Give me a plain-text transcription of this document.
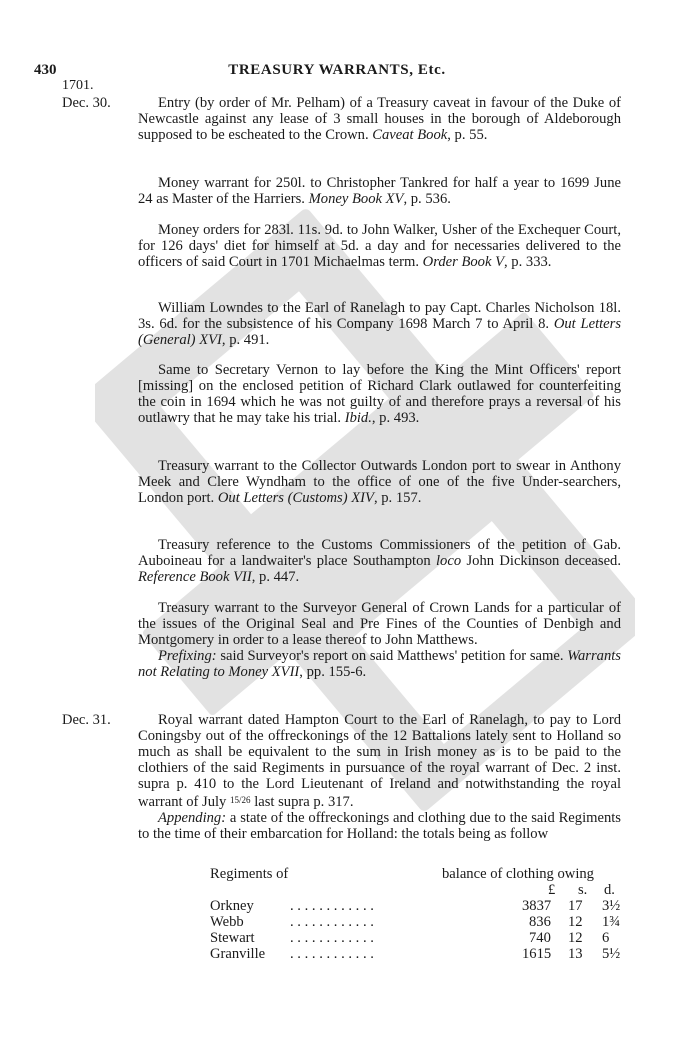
430	TREASURY WARRANTS, Etc.
1701.
Dec. 30.	Entry (by order of Mr. Pelham) of a Treasury caveat in favour of the Duke of Newcastle against any lease of 3 small houses in the borough of Aldeborough supposed to be escheated to the Crown. Caveat Book, p. 55.
Money warrant for 250l. to Christopher Tankred for half a year to 1699 June 24 as Master of the Harriers. Money Book XV, p. 536.
Money orders for 283l. 11s. 9d. to John Walker, Usher of the Exchequer Court, for 126 days' diet for himself at 5d. a day and for necessaries delivered to the officers of said Court in 1701 Michaelmas term. Order Book V, p. 333.
William Lowndes to the Earl of Ranelagh to pay Capt. Charles Nicholson 18l. 3s. 6d. for the subsistence of his Company 1698 March 7 to April 8. Out Letters (General) XVI, p. 491.
Same to Secretary Vernon to lay before the King the Mint Officers' report [missing] on the enclosed petition of Richard Clark outlawed for counterfeiting the coin in 1694 which he was not guilty of and therefore prays a reversal of his outlawry that he may take his trial. Ibid., p. 493.
Treasury warrant to the Collector Outwards London port to swear in Anthony Meek and Clere Wyndham to the office of one of the five Under-searchers, London port. Out Letters (Customs) XIV, p. 157.
Treasury reference to the Customs Commissioners of the petition of Gab. Auboineau for a landwaiter's place Southampton loco John Dickinson deceased. Reference Book VII, p. 447.
Treasury warrant to the Surveyor General of Crown Lands for a particular of the issues of the Original Seal and Pre Fines of the Counties of Denbigh and Montgomery in order to a lease thereof to John Matthews.
Prefixing: said Surveyor's report on said Matthews' petition for same. Warrants not Relating to Money XVII, pp. 155-6.
Dec. 31.	Royal warrant dated Hampton Court to the Earl of Ranelagh, to pay to Lord Coningsby out of the offreckonings of the 12 Battalions lately sent to Holland so much as shall be equivalent to the sum in Irish money as is to be paid to the clothiers of the said Regiments in pursuance of the royal warrant of Dec. 2 inst. supra p. 410 to the Lord Lieutenant of Ireland and notwithstanding the royal warrant of July $^{15/26}$ last supra p. 317.
Appending: a state of the offreckonings and clothing due to the said Regiments to the time of their embarcation for Holland: the totals being as follow
Regiments of	balance of clothing owing
£ s. d.
Orkney . . . . . . . . . . . .	3837 17 3½
Webb	. . . . . . . . . . . .	836 12 1¾
Stewart . . . . . . . . . . . .	740 12 6
Granville . . . . . . . . . . . .	1615 13 5½
